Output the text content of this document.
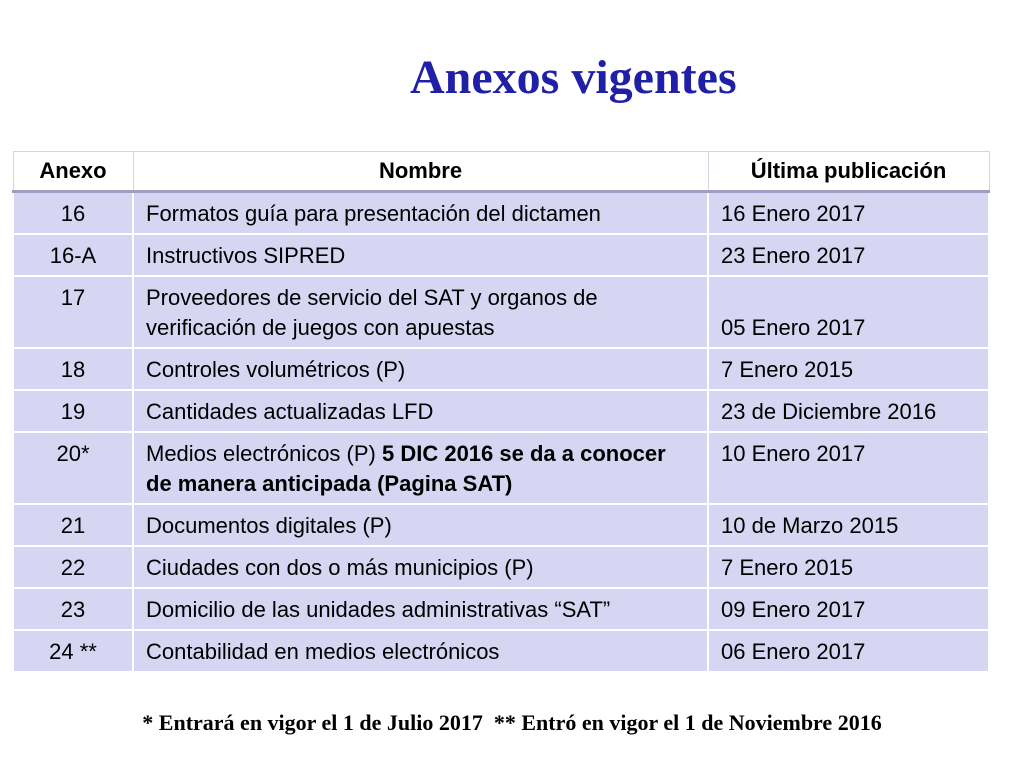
Anexos vigentes
Anexo	Nombre	Última publicación
16	Formatos guía para presentación del dictamen	16 Enero 2017
16-A	Instructivos SIPRED	23 Enero 2017
17	Proveedores de servicio del SAT y organos de verificación de juegos con apuestas	05 Enero 2017
18	Controles volumétricos (P)	7 Enero 2015
19	Cantidades actualizadas LFD	23 de Diciembre 2016
20*	Medios electrónicos (P) 5 DIC 2016 se da a conocer de manera anticipada (Pagina SAT)	10 Enero 2017
21	Documentos digitales (P)	10 de Marzo 2015
22	Ciudades con dos o más municipios (P)	7 Enero 2015
23	Domicilio de las unidades administrativas “SAT”	09 Enero 2017
24 **	Contabilidad en medios electrónicos	06 Enero 2017

* Entrará en vigor el 1 de Julio 2017  ** Entró en vigor el 1 de Noviembre 2016
